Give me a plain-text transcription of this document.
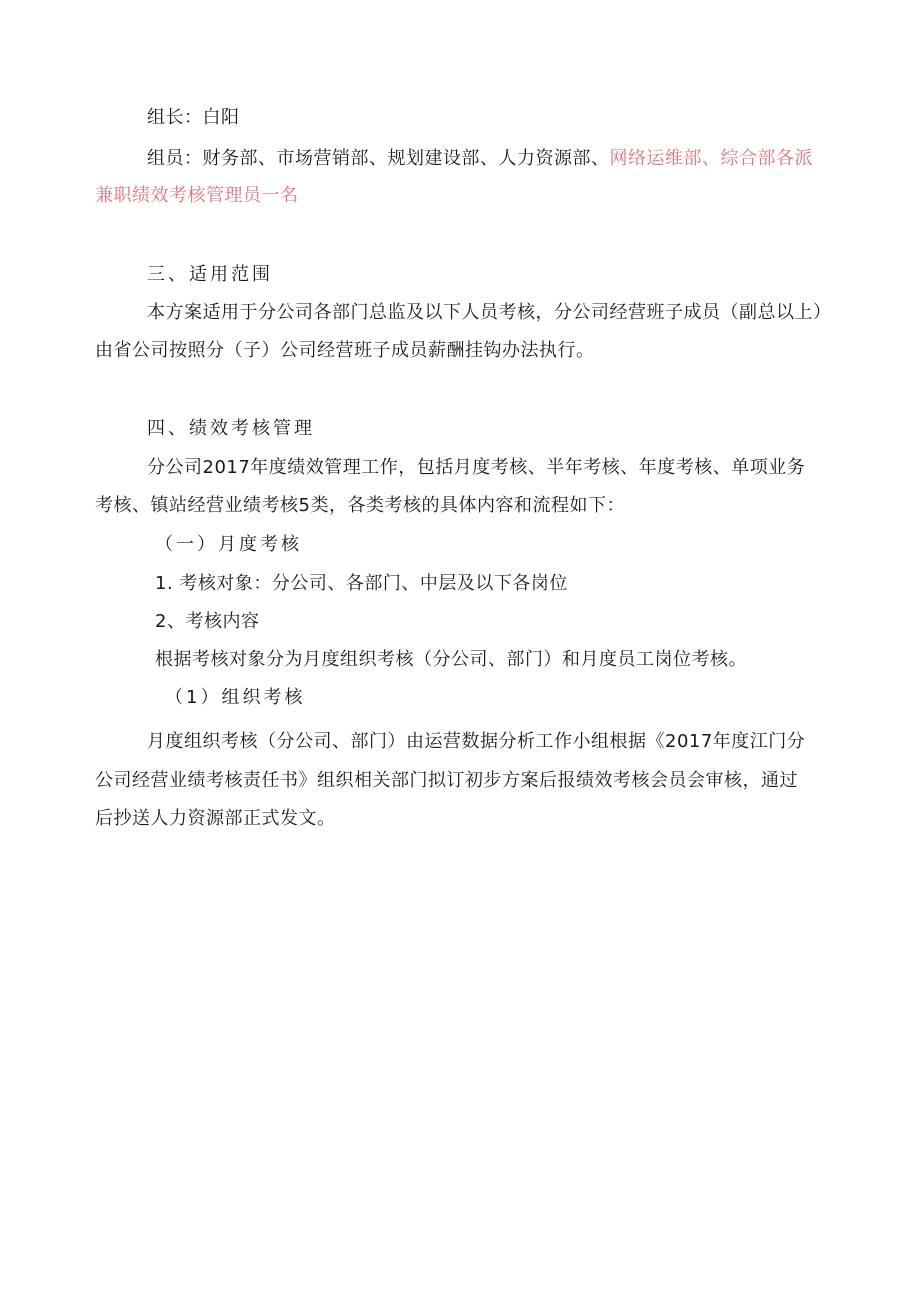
组长：白阳
组员：财务部、市场营销部、规划建设部、人力资源部、网络运维部、综合部各派
兼职绩效考核管理员一名
三、适用范围
本方案适用于分公司各部门总监及以下人员考核，分公司经营班子成员（副总以上）
由省公司按照分（子）公司经营班子成员薪酬挂钩办法执行。
四、绩效考核管理
分公司2017年度绩效管理工作，包括月度考核、半年考核、年度考核、单项业务
考核、镇站经营业绩考核5类，各类考核的具体内容和流程如下：
（一）月度考核
1. 考核对象：分公司、各部门、中层及以下各岗位
2、考核内容
根据考核对象分为月度组织考核（分公司、部门）和月度员工岗位考核。
（1）组织考核
月度组织考核（分公司、部门）由运营数据分析工作小组根据《2017年度江门分
公司经营业绩考核责任书》组织相关部门拟订初步方案后报绩效考核会员会审核，通过
后抄送人力资源部正式发文。
